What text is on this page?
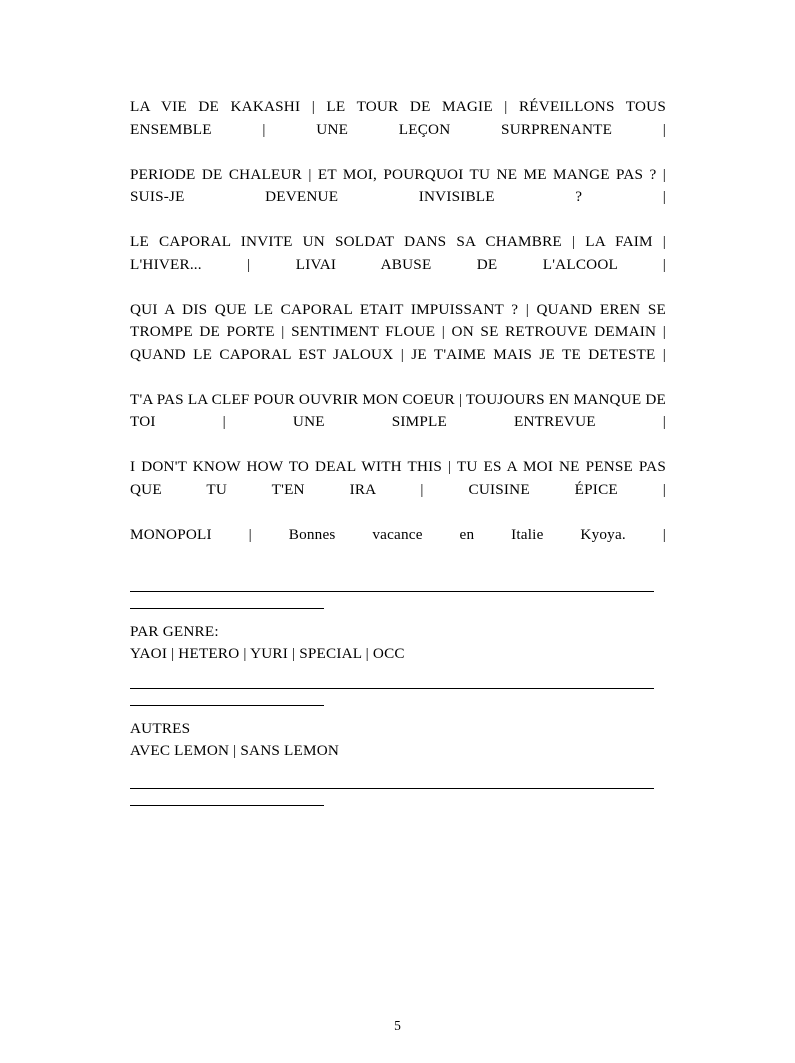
LA VIE DE KAKASHI | LE TOUR DE MAGIE | RÉVEILLONS TOUS ENSEMBLE | UNE LEÇON SURPRENANTE |

PERIODE DE CHALEUR | ET MOI, POURQUOI TU NE ME MANGE PAS ? | SUIS-JE DEVENUE INVISIBLE ? |

LE CAPORAL INVITE UN SOLDAT DANS SA CHAMBRE | LA FAIM | L'HIVER... | LIVAI ABUSE DE L'ALCOOL |

QUI A DIS QUE LE CAPORAL ETAIT IMPUISSANT ? | QUAND EREN SE TROMPE DE PORTE | SENTIMENT FLOUE | ON SE RETROUVE DEMAIN | QUAND LE CAPORAL EST JALOUX | JE T'AIME MAIS JE TE DETESTE |

T'A PAS LA CLEF POUR OUVRIR MON COEUR | TOUJOURS EN MANQUE DE TOI | UNE SIMPLE ENTREVUE |

I DON'T KNOW HOW TO DEAL WITH THIS | TU ES A MOI NE PENSE PAS QUE TU T'EN IRA | CUISINE ÉPICE |

MONOPOLI | Bonnes vacance en Italie Kyoya. |

PAR GENRE:
YAOI | HETERO | YURI | SPECIAL | OCC
AUTRES
AVEC LEMON | SANS LEMON
5
